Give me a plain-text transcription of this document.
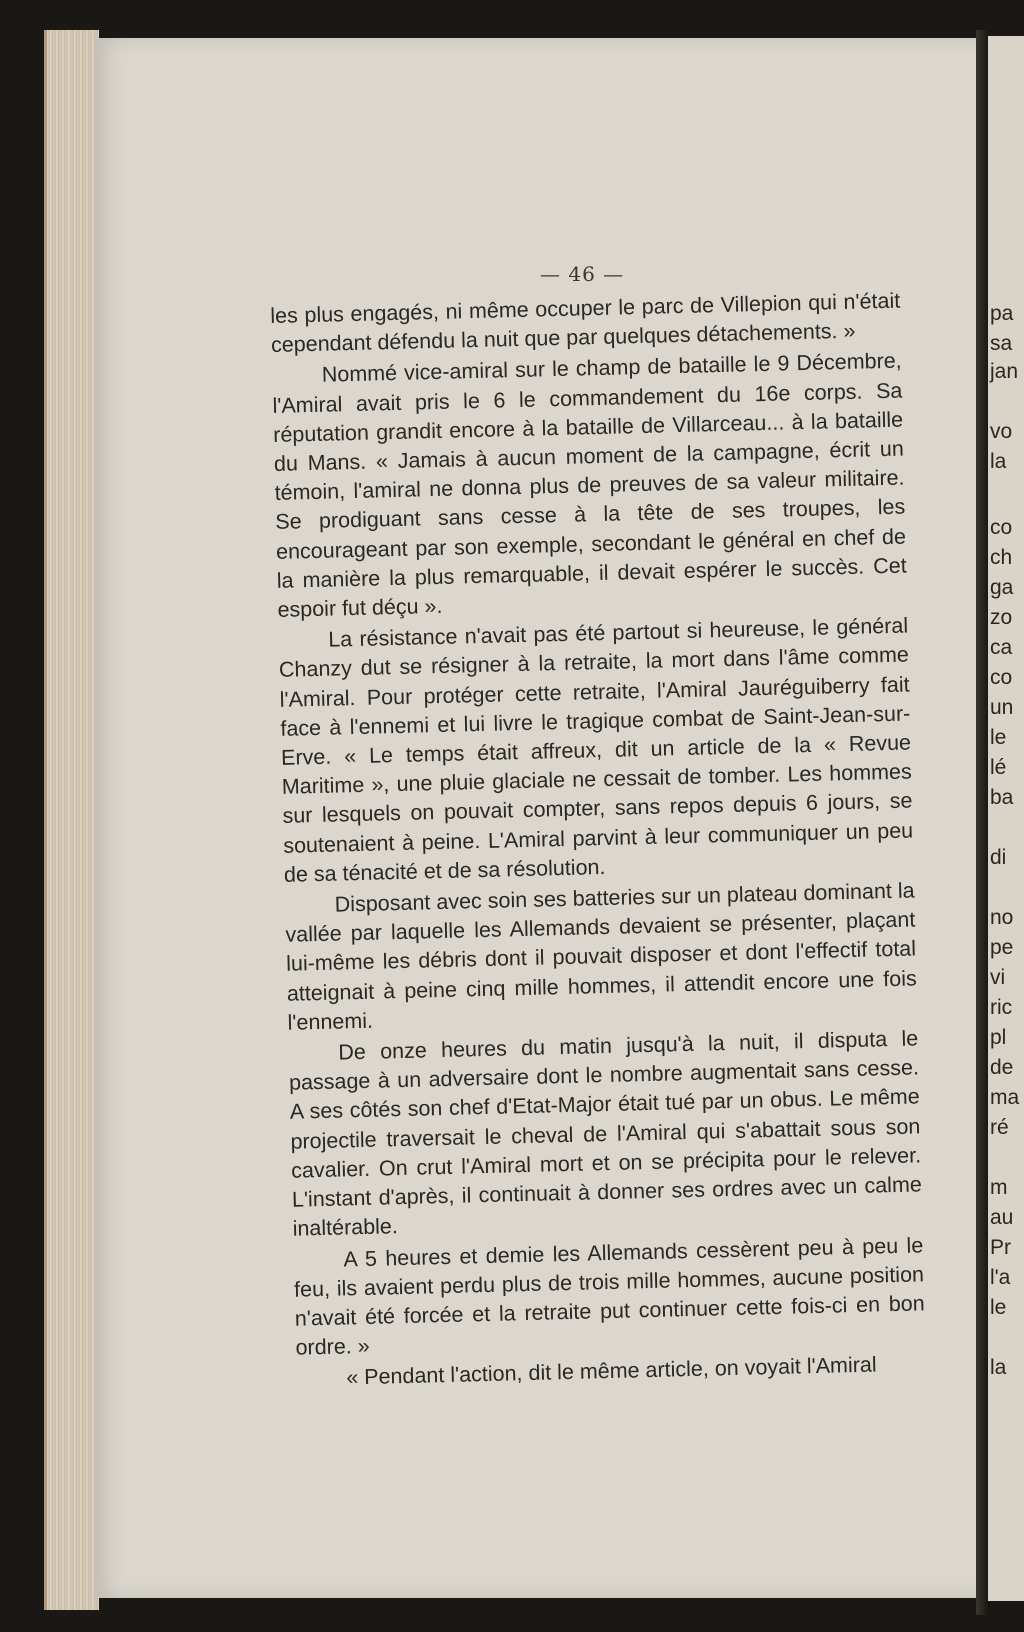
pa
sa
jan
vo
la
co
ch
ga
zo
ca
co
un
le
lé
ba
di
no
pe
vi
ric
pl
de
ma
ré
m
au
Pr
l'a
le
la
— 46 —

les plus engagés, ni même occuper le parc de Villepion qui n'était cependant défendu la nuit que par quelques détachements. »

Nommé vice-amiral sur le champ de bataille le 9 Décembre, l'Amiral avait pris le 6 le commandement du 16e corps. Sa réputation grandit encore à la bataille de Villarceau... à la bataille du Mans. « Jamais à aucun moment de la campagne, écrit un témoin, l'amiral ne donna plus de preuves de sa valeur militaire. Se prodiguant sans cesse à la tête de ses troupes, les encourageant par son exemple, secondant le général en chef de la manière la plus remarquable, il devait espérer le succès. Cet espoir fut déçu ».

La résistance n'avait pas été partout si heureuse, le général Chanzy dut se résigner à la retraite, la mort dans l'âme comme l'Amiral. Pour protéger cette retraite, l'Amiral Jauréguiberry fait face à l'ennemi et lui livre le tragique combat de Saint-Jean-sur-Erve. « Le temps était affreux, dit un article de la « Revue Maritime », une pluie glaciale ne cessait de tomber. Les hommes sur lesquels on pouvait compter, sans repos depuis 6 jours, se soutenaient à peine. L'Amiral parvint à leur communiquer un peu de sa ténacité et de sa résolution.

Disposant avec soin ses batteries sur un plateau dominant la vallée par laquelle les Allemands devaient se présenter, plaçant lui-même les débris dont il pouvait disposer et dont l'effectif total atteignait à peine cinq mille hommes, il attendit encore une fois l'ennemi.

De onze heures du matin jusqu'à la nuit, il disputa le passage à un adversaire dont le nombre augmentait sans cesse. A ses côtés son chef d'Etat-Major était tué par un obus. Le même projectile traversait le cheval de l'Amiral qui s'abattait sous son cavalier. On crut l'Amiral mort et on se précipita pour le relever. L'instant d'après, il continuait à donner ses ordres avec un calme inaltérable.

A 5 heures et demie les Allemands cessèrent peu à peu le feu, ils avaient perdu plus de trois mille hommes, aucune position n'avait été forcée et la retraite put continuer cette fois-ci en bon ordre. »

« Pendant l'action, dit le même article, on voyait l'Amiral
